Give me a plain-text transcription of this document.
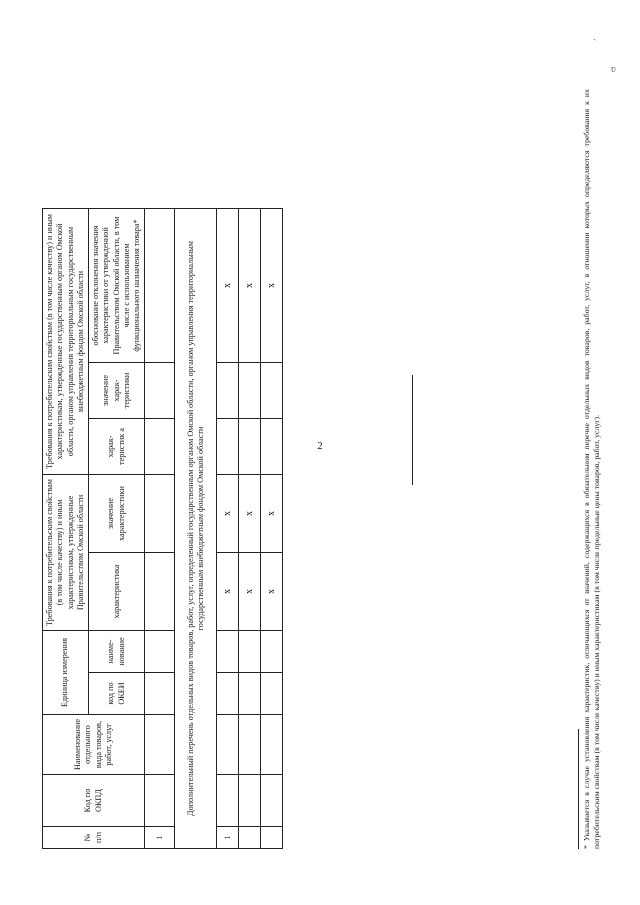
2
№ п/п	Код по ОКПД	Наименование отдельного вида товаров, работ, услуг	Единица измерения		Требования к потребительским свойствам (в том числе качеству) и иным характеристикам, утвержденные Правительством Омской области		Требования к потребительским свойствам (в том числе качеству) и иным характеристикам, утвержденные государственным органом Омской области, органом управления территориальным государственным внебюджетным фондом Омской области		
			код по ОКЕИ	наиме-нование	характеристика	значение характеристики	харак-теристик а	значение харак-теристики	обоснование отклонения значения характеристики от утвержденной Правительством Омской области, в том числе с использованием функционального назначения товара*
1									
Дополнительный перечень отдельных видов товаров, работ, услуг, определенный государственным органом Омской области, органом управления территориальным государственным внебюджетным фондом Омской области									
1					x	x			x
					x	x			x
					x	x			x	* Указывается в случае установления характеристик, отличающихся от значений, содержащихся в обязательном перечне отдельных видов товаров, работ, услуг, в отношении которых определяются требования к их потребительским свойствам (в том числе качеству) и иным характеристикам (в том числе предельные цены товаров, работ, услуг).
ˎ
ʋ
